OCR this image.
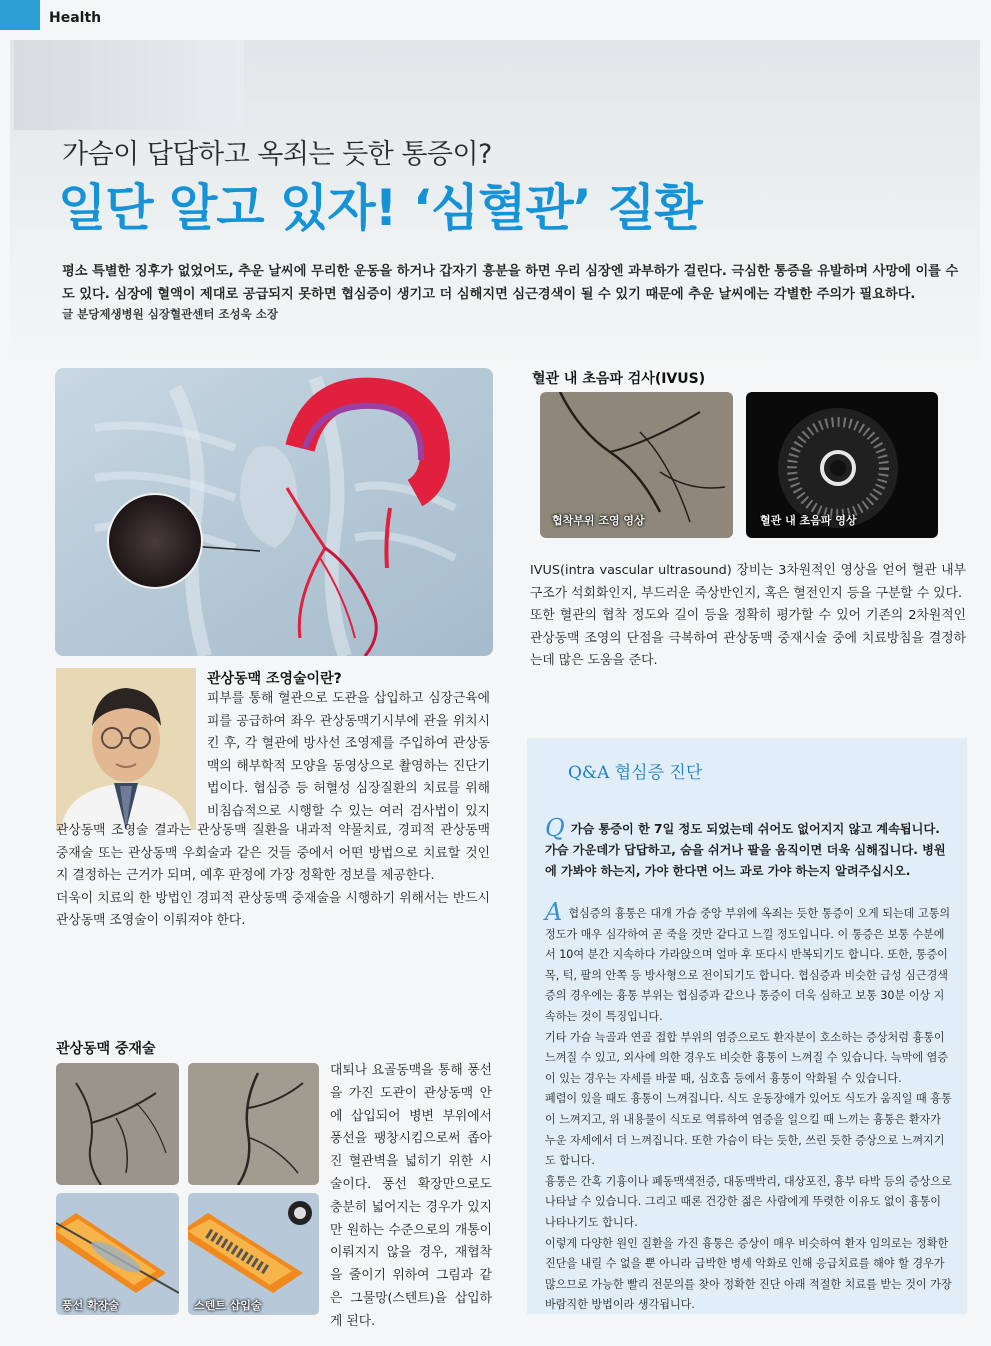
Health
가슴이 답답하고 옥죄는 듯한 통증이?
일단 알고 있자! ‘심혈관’ 질환
평소 특별한 징후가 없었어도, 추운 날씨에 무리한 운동을 하거나 갑자기 흥분을 하면 우리 심장엔 과부하가 걸린다. 극심한 통증을 유발하며 사망에 이를 수도 있다. 심장에 혈액이 제대로 공급되지 못하면 협심증이 생기고 더 심해지면 심근경색이 될 수 있기 때문에 추운 날씨에는 각별한 주의가 필요하다.
글 분당제생병원 심장혈관센터 조성욱 소장
관상동맥 조영술이란?

피부를 통해 혈관으로 도관을 삽입하고 심장근육에 피를 공급하여 좌우 관상동맥기시부에 관을 위치시킨 후, 각 혈관에 방사선 조영제를 주입하여 관상동맥의 해부학적 모양을 동영상으로 촬영하는 진단기법이다. 협심증 등 허혈성 심장질환의 치료를 위해 비침습적으로 시행할 수 있는 여러 검사법이 있지

관상동맥 조영술 결과는 관상동맥 질환을 내과적 약물치료, 경피적 관상동맥 중재술 또는 관상동맥 우회술과 같은 것들 중에서 어떤 방법으로 치료할 것인지 결정하는 근거가 되며, 예후 판정에 가장 정확한 정보를 제공한다.

더욱이 치료의 한 방법인 경피적 관상동맥 중재술을 시행하기 위해서는 반드시 관상동맥 조영술이 이뤄져야 한다.

관상동맥 중재술
풍선 확장술	스텐트 삽입술
대퇴나 요골동맥을 통해 풍선을 가진 도관이 관상동맥 안에 삽입되어 병변 부위에서 풍선을 팽창시킴으로써 좁아진 혈관벽을 넓히기 위한 시술이다. 풍선 확장만으로도 충분히 넓어지는 경우가 있지만 원하는 수준으로의 개통이 이뤄지지 않을 경우, 재협착을 줄이기 위하여 그림과 같은 그물망(스텐트)을 삽입하게 된다.
혈관 내 초음파 검사(IVUS)
협착부위 조영 영상	혈관 내 초음파 영상

IVUS(intra vascular ultrasound) 장비는 3차원적인 영상을 얻어 혈관 내부구조가 석회화인지, 부드러운 죽상반인지, 혹은 혈전인지 등을 구분할 수 있다.

또한 혈관의 협착 정도와 길이 등을 정확히 평가할 수 있어 기존의 2차원적인 관상동맥 조영의 단점을 극복하여 관상동맥 중재시술 중에 치료방침을 결정하는데 많은 도움을 준다.

Q&A 협심증 진단
Q가슴 통증이 한 7일 정도 되었는데 쉬어도 없어지지 않고 계속됩니다. 가슴 가운데가 답답하고, 숨을 쉬거나 팔을 움직이면 더욱 심해집니다. 병원에 가봐야 하는지, 가야 한다면 어느 과로 가야 하는지 알려주십시오.

A협심증의 흉통은 대개 가슴 중앙 부위에 옥죄는 듯한 통증이 오게 되는데 고통의 정도가 매우 심각하여 곧 죽을 것만 같다고 느낄 정도입니다. 이 통증은 보통 수분에서 10여 분간 지속하다 가라앉으며 얼마 후 또다시 반복되기도 합니다. 또한, 통증이 목, 턱, 팔의 안쪽 등 방사형으로 전이되기도 합니다. 협심증과 비슷한 급성 심근경색증의 경우에는 흉통 부위는 협심증과 같으나 통증이 더욱 심하고 보통 30분 이상 지속하는 것이 특징입니다.

기타 가슴 늑골과 연골 접합 부위의 염증으로도 환자분이 호소하는 증상처럼 흉통이 느껴질 수 있고, 외사에 의한 경우도 비슷한 흉통이 느껴질 수 있습니다. 늑막에 염증이 있는 경우는 자세를 바꿀 때, 심호흡 등에서 흉통이 악화될 수 있습니다.

폐렴이 있을 때도 흉통이 느껴집니다. 식도 운동장애가 있어도 식도가 움직일 때 흉통이 느껴지고, 위 내용물이 식도로 역류하여 염증을 일으킬 때 느끼는 흉통은 환자가 누운 자세에서 더 느껴집니다. 또한 가슴이 타는 듯한, 쓰린 듯한 증상으로 느껴지기도 합니다.

흉통은 간혹 기흉이나 폐동맥색전증, 대동맥박리, 대상포진, 흉부 타박 등의 증상으로 나타날 수 있습니다. 그리고 때론 건강한 젊은 사람에게 뚜렷한 이유도 없이 흉통이 나타나기도 합니다.

이렇게 다양한 원인 질환을 가진 흉통은 증상이 매우 비슷하여 환자 임의로는 정확한 진단을 내릴 수 없을 뿐 아니라 급박한 병세 악화로 인해 응급치료를 해야 할 경우가 많으므로 가능한 빨리 전문의를 찾아 정확한 진단 아래 적절한 치료를 받는 것이 가장 바람직한 방법이라 생각됩니다.
